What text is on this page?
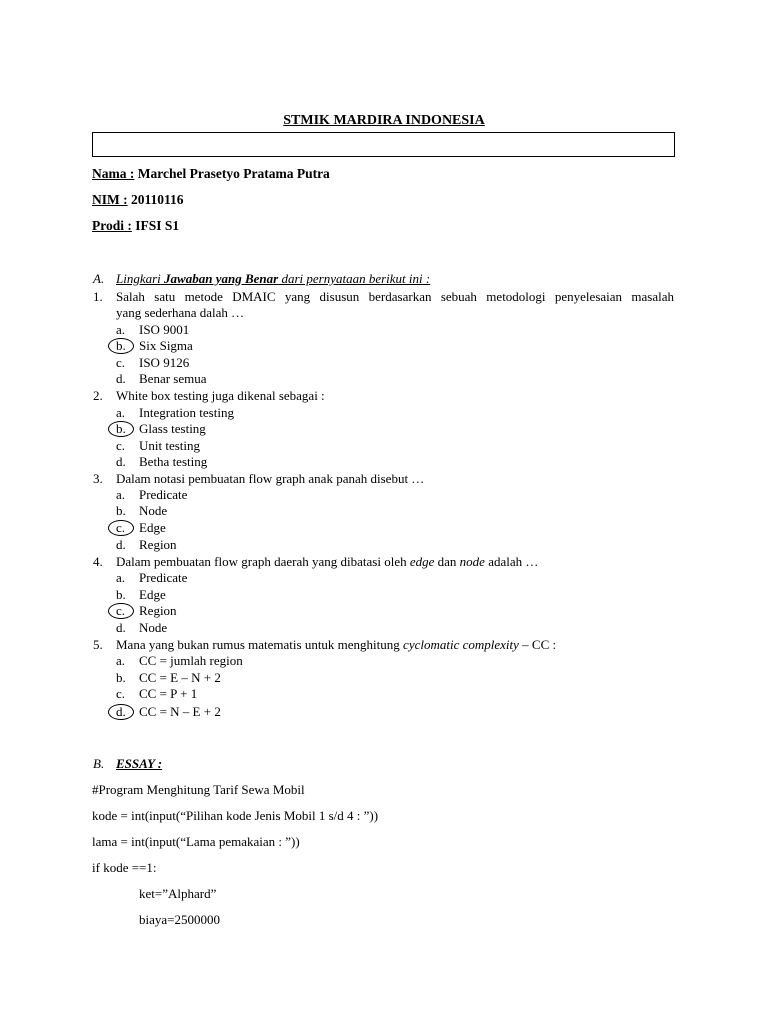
STMIK MARDIRA INDONESIA
Nama : Marchel Prasetyo Pratama Putra
NIM : 20110116
Prodi : IFSI S1
A. Lingkari Jawaban yang Benar dari pernyataan berikut ini :
1. Salah satu metode DMAIC yang disusun berdasarkan sebuah metodologi penyelesaian masalah
yang sederhana dalah …
a. ISO 9001
b. Six Sigma
c. ISO 9126
d. Benar semua
2. White box testing juga dikenal sebagai :
a. Integration testing
b. Glass testing
c. Unit testing
d. Betha testing
3. Dalam notasi pembuatan flow graph anak panah disebut …
a. Predicate
b. Node
c. Edge
d. Region
4. Dalam pembuatan flow graph daerah yang dibatasi oleh edge dan node adalah …
a. Predicate
b. Edge
c. Region
d. Node
5. Mana yang bukan rumus matematis untuk menghitung cyclomatic complexity – CC :
a. CC = jumlah region
b. CC = E – N + 2
c. CC = P + 1
d. CC = N – E + 2
B. ESSAY :
#Program Menghitung Tarif Sewa Mobil
kode = int(input(“Pilihan kode Jenis Mobil 1 s/d 4 : ”))
lama = int(input(“Lama pemakaian : ”))
if kode ==1:
ket=”Alphard”
biaya=2500000
